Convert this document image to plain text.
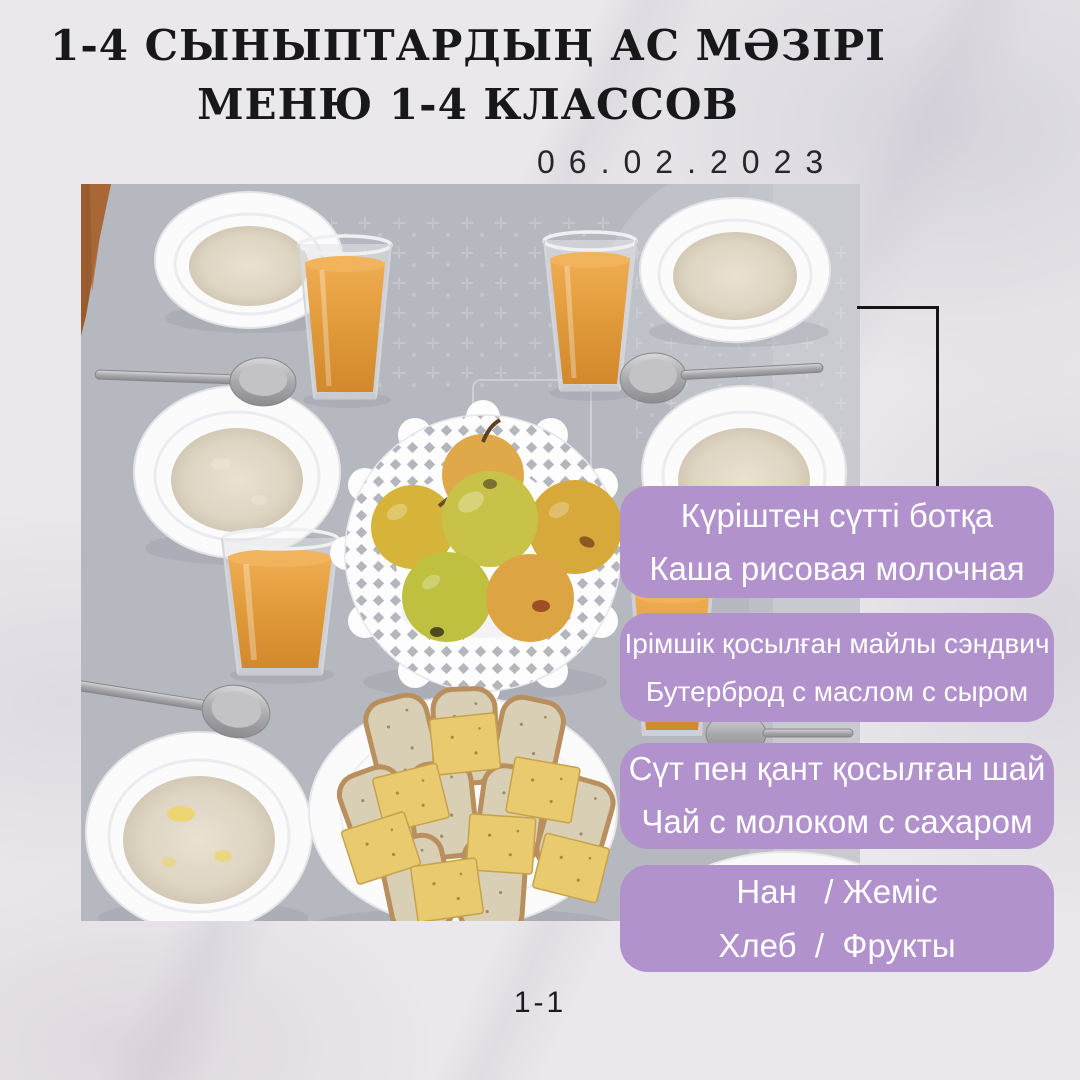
1-4 СЫНЫПТАРДЫҢ АС МӘЗІРІ
МЕНЮ 1-4 КЛАССОВ
06.02.2023
Күріштен сүтті ботқа
Каша рисовая молочная
Ірімшік қосылған майлы сэндвич
Бутерброд с маслом с сыром
Сүт пен қант қосылған шай
Чай с молоком с сахаром
Нан   / Жеміс
Хлеб  /  Фрукты
1-1
